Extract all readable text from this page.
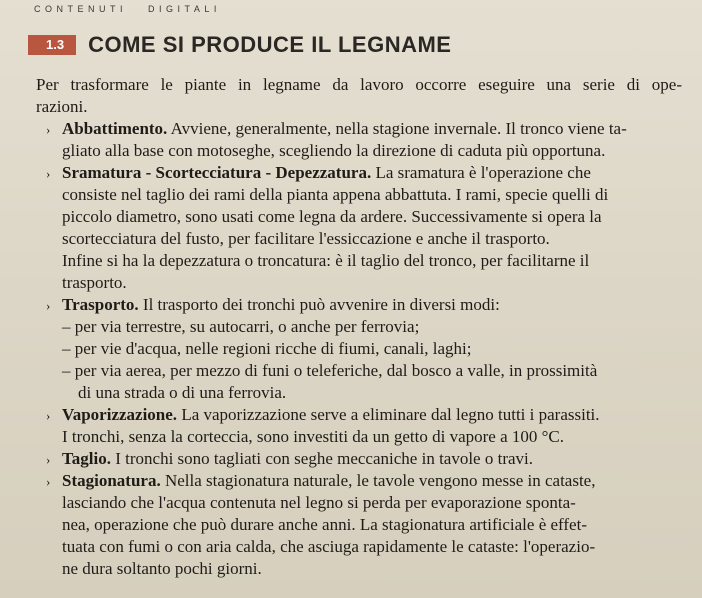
CONTENUTI DIGITALI
1.3	COME SI PRODUCE IL LEGNAME
Per trasformare le piante in legname da lavoro occorre eseguire una serie di ope-
razioni.
› Abbattimento. Avviene, generalmente, nella stagione invernale. Il tronco viene ta-
gliato alla base con motoseghe, scegliendo la direzione di caduta più opportuna.
› Sramatura - Scortecciatura - Depezzatura. La sramatura è l'operazione che
consiste nel taglio dei rami della pianta appena abbattuta. I rami, specie quelli di
piccolo diametro, sono usati come legna da ardere. Successivamente si opera la
scortecciatura del fusto, per facilitare l'essiccazione e anche il trasporto.
Infine si ha la depezzatura o troncatura: è il taglio del tronco, per facilitarne il
trasporto.
› Trasporto. Il trasporto dei tronchi può avvenire in diversi modi:
– per via terrestre, su autocarri, o anche per ferrovia;
– per vie d'acqua, nelle regioni ricche di fiumi, canali, laghi;
– per via aerea, per mezzo di funi o teleferiche, dal bosco a valle, in prossimità
di una strada o di una ferrovia.
› Vaporizzazione. La vaporizzazione serve a eliminare dal legno tutti i parassiti.
I tronchi, senza la corteccia, sono investiti da un getto di vapore a 100 °C.
› Taglio. I tronchi sono tagliati con seghe meccaniche in tavole o travi.
› Stagionatura. Nella stagionatura naturale, le tavole vengono messe in cataste,
lasciando che l'acqua contenuta nel legno si perda per evaporazione sponta-
nea, operazione che può durare anche anni. La stagionatura artificiale è effet-
tuata con fumi o con aria calda, che asciuga rapidamente le cataste: l'operazio-
ne dura soltanto pochi giorni.
